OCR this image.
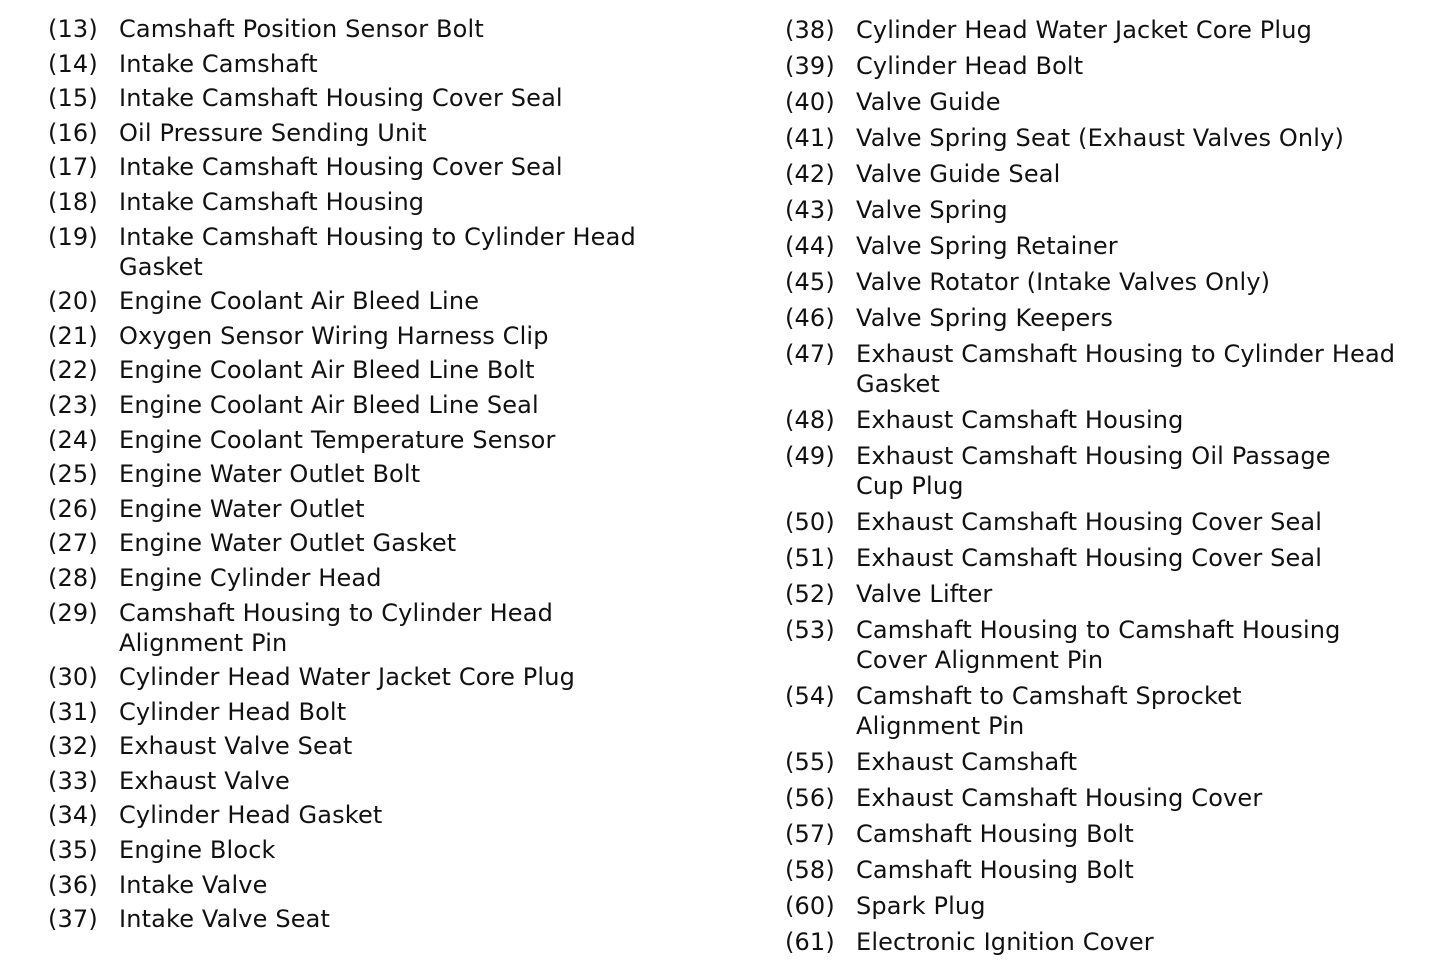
(13) Camshaft Position Sensor Bolt
(14) Intake Camshaft
(15) Intake Camshaft Housing Cover Seal
(16) Oil Pressure Sending Unit
(17) Intake Camshaft Housing Cover Seal
(18) Intake Camshaft Housing
(19) Intake Camshaft Housing to Cylinder Head
Gasket
(20) Engine Coolant Air Bleed Line
(21) Oxygen Sensor Wiring Harness Clip
(22) Engine Coolant Air Bleed Line Bolt
(23) Engine Coolant Air Bleed Line Seal
(24) Engine Coolant Temperature Sensor
(25) Engine Water Outlet Bolt
(26) Engine Water Outlet
(27) Engine Water Outlet Gasket
(28) Engine Cylinder Head
(29) Camshaft Housing to Cylinder Head
Alignment Pin
(30) Cylinder Head Water Jacket Core Plug
(31) Cylinder Head Bolt
(32) Exhaust Valve Seat
(33) Exhaust Valve
(34) Cylinder Head Gasket
(35) Engine Block
(36) Intake Valve
(37) Intake Valve Seat
(38) Cylinder Head Water Jacket Core Plug
(39) Cylinder Head Bolt
(40) Valve Guide
(41) Valve Spring Seat (Exhaust Valves Only)
(42) Valve Guide Seal
(43) Valve Spring
(44) Valve Spring Retainer
(45) Valve Rotator (Intake Valves Only)
(46) Valve Spring Keepers
(47) Exhaust Camshaft Housing to Cylinder Head
Gasket
(48) Exhaust Camshaft Housing
(49) Exhaust Camshaft Housing Oil Passage
Cup Plug
(50) Exhaust Camshaft Housing Cover Seal
(51) Exhaust Camshaft Housing Cover Seal
(52) Valve Lifter
(53) Camshaft Housing to Camshaft Housing
Cover Alignment Pin
(54) Camshaft to Camshaft Sprocket
Alignment Pin
(55) Exhaust Camshaft
(56) Exhaust Camshaft Housing Cover
(57) Camshaft Housing Bolt
(58) Camshaft Housing Bolt
(60) Spark Plug
(61) Electronic Ignition Cover
